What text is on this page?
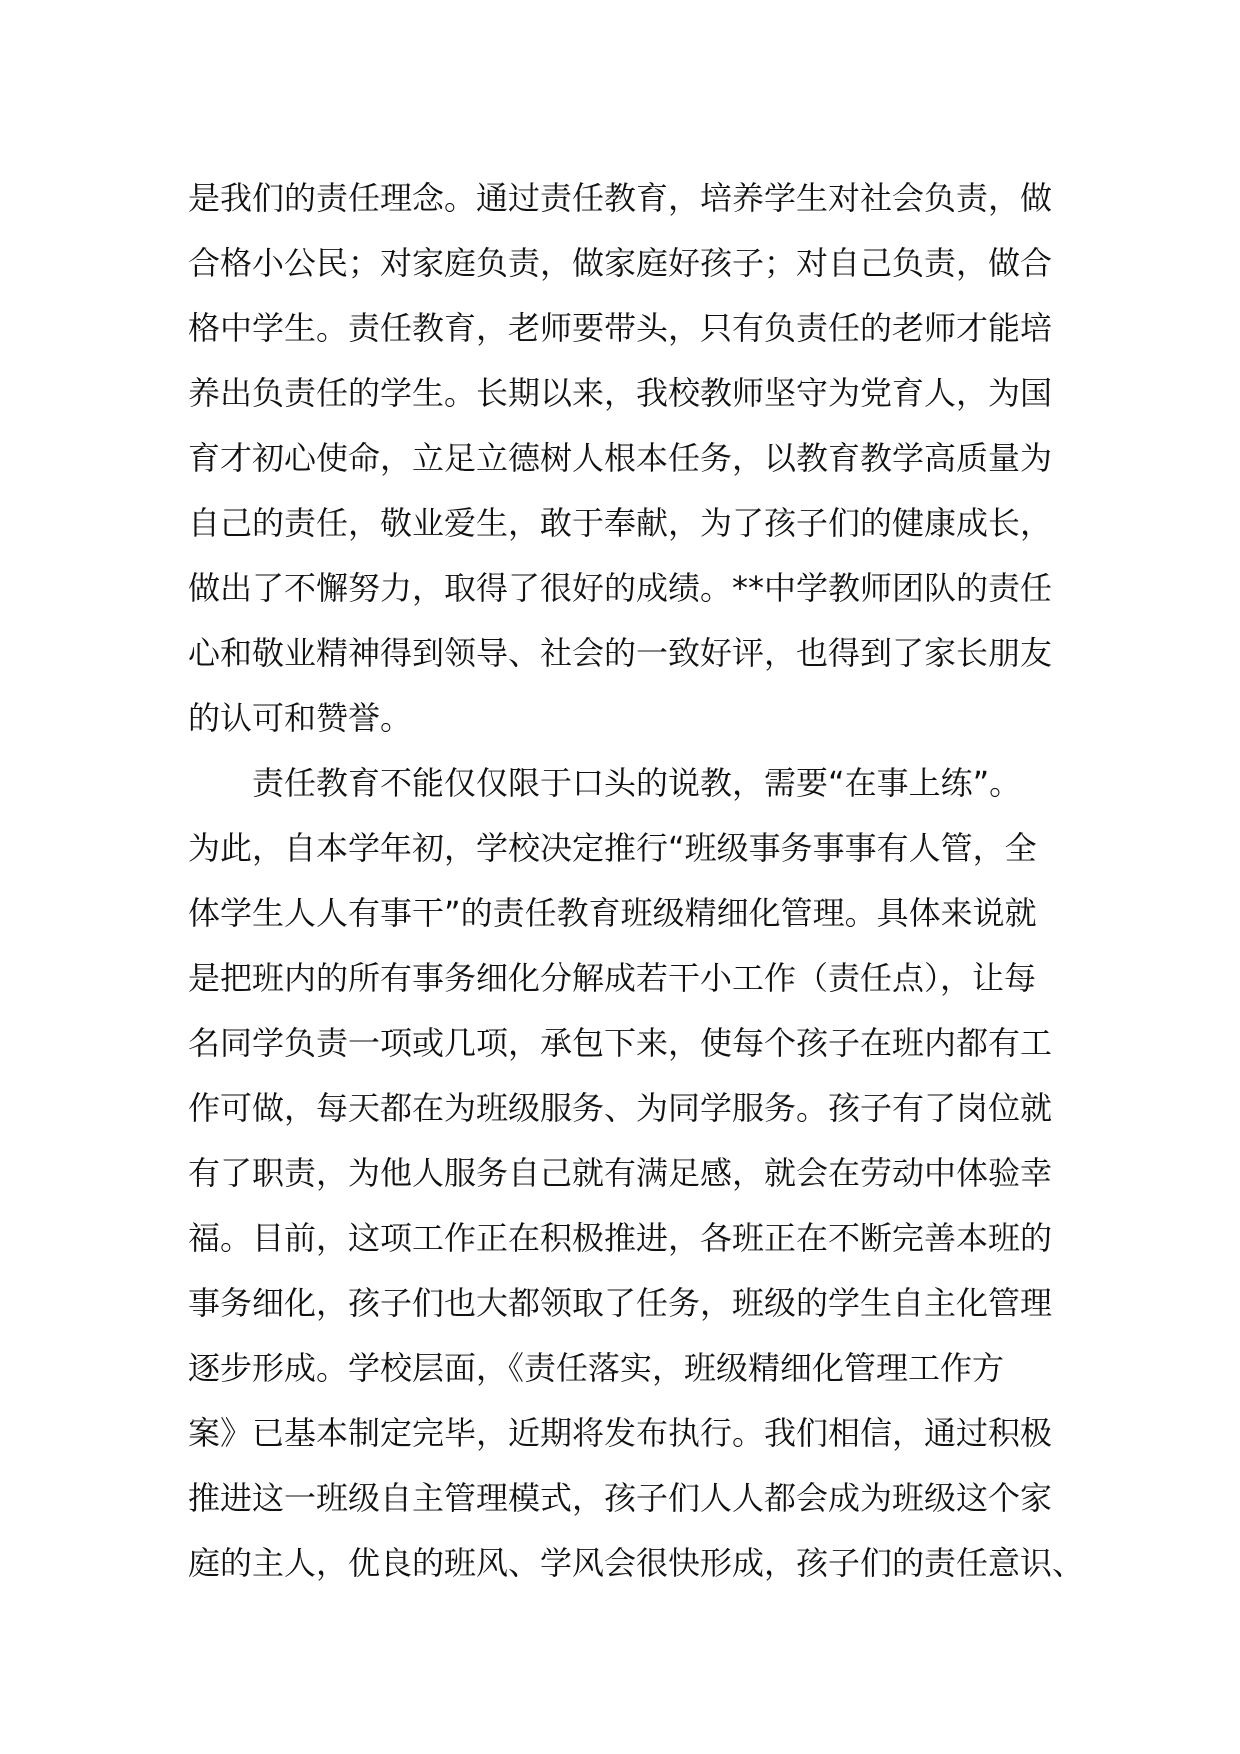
是我们的责任理念。通过责任教育，培养学生对社会负责，做
合格小公民；对家庭负责，做家庭好孩子；对自己负责，做合
格中学生。责任教育，老师要带头，只有负责任的老师才能培
养出负责任的学生。长期以来，我校教师坚守为党育人，为国
育才初心使命，立足立德树人根本任务，以教育教学高质量为
自己的责任，敬业爱生，敢于奉献，为了孩子们的健康成长，
做出了不懈努力，取得了很好的成绩。**中学教师团队的责任
心和敬业精神得到领导、社会的一致好评，也得到了家长朋友
的认可和赞誉。
　　责任教育不能仅仅限于口头的说教，需要“在事上练”。
为此，自本学年初，学校决定推行“班级事务事事有人管，全
体学生人人有事干”的责任教育班级精细化管理。具体来说就
是把班内的所有事务细化分解成若干小工作（责任点），让每
名同学负责一项或几项，承包下来，使每个孩子在班内都有工
作可做，每天都在为班级服务、为同学服务。孩子有了岗位就
有了职责，为他人服务自己就有满足感，就会在劳动中体验幸
福。目前，这项工作正在积极推进，各班正在不断完善本班的
事务细化，孩子们也大都领取了任务，班级的学生自主化管理
逐步形成。学校层面，《责任落实，班级精细化管理工作方
案》已基本制定完毕，近期将发布执行。我们相信，通过积极
推进这一班级自主管理模式，孩子们人人都会成为班级这个家
庭的主人，优良的班风、学风会很快形成，孩子们的责任意识、
